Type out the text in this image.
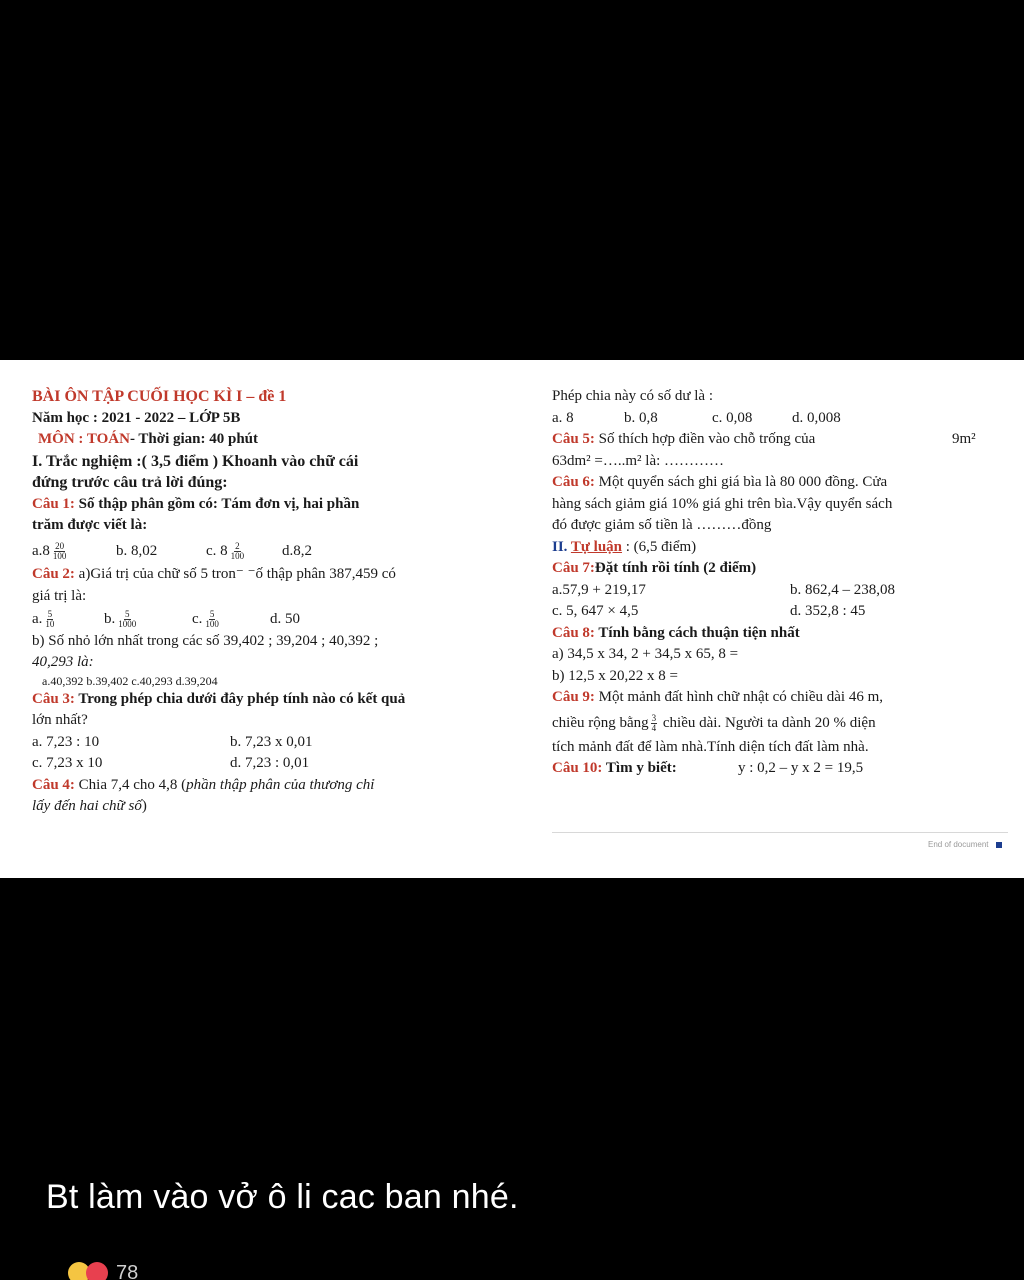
BÀI ÔN TẬP CUỐI HỌC KÌ I – đề 1
Năm học : 2021 - 2022 – LỚP 5B
MÔN : TOÁN- Thời gian: 40 phút
I. Trắc nghiệm :( 3,5 điểm ) Khoanh vào chữ cái
đứng trước câu trả lời đúng:
Câu 1: Số thập phân gồm có: Tám đơn vị, hai phần
trăm được viết là:
$a.8 \frac{20}{100}$	b. 8,02	c. $8 \frac{2}{100} d.8,2$
Câu 2: a)Giá trị của chữ số 5 tron⁻ ⁻ố thập phân 387,459 có
giá trị là:
a. $\frac{5}{10}$	b. $\frac{5}{1000}$	c. $\frac{5}{100}$	d. 50
b) Số nhỏ lớn nhất trong các số 39,402 ; 39,204 ; 40,392 ;
40,293 là:
a.40,392 b.39,402 c.40,293 d.39,204
Câu 3: Trong phép chia dưới đây phép tính nào có kết quả
lớn nhất?
a. 7,23 : 10	b. 7,23 x 0,01
c. 7,23 x 10	d. 7,23 : 0,01
Câu 4: Chia 7,4 cho 4,8 (phần thập phân của thương chỉ
lấy đến hai chữ số)
Phép chia này có số dư là :
a. 8	b. 0,8	c. 0,08	d. 0,008
Câu 5: Số thích hợp điền vào chỗ trống của	9m²
63dm² =…..m² là: …………
Câu 6: Một quyển sách ghi giá bìa là 80 000 đồng. Cửa
hàng sách giảm giá 10% giá ghi trên bìa.Vậy quyển sách
đó được giảm số tiền là ………đồng
II. Tự luận : (6,5 điểm)
Câu 7:Đặt tính rồi tính (2 điểm)
a.57,9 + 219,17	b. 862,4 – 238,08
c. 5, 647 × 4,5	d. 352,8 : 45
Câu 8: Tính bằng cách thuận tiện nhất
a) 34,5 x 34, 2 + 34,5 x 65, 8 =
b) 12,5 x 20,22 x 8 =
Câu 9: Một mảnh đất hình chữ nhật có chiều dài 46 m,
chiều rộng bằng $\frac{3}{4}$ chiều dài. Người ta dành 20 % diện
tích mảnh đất để làm nhà.Tính diện tích đất làm nhà.
Câu 10: Tìm y biết:	y : 0,2 – y x 2 = 19,5
End of document
Bt làm vào vở ô li cac ban nhé.
78
